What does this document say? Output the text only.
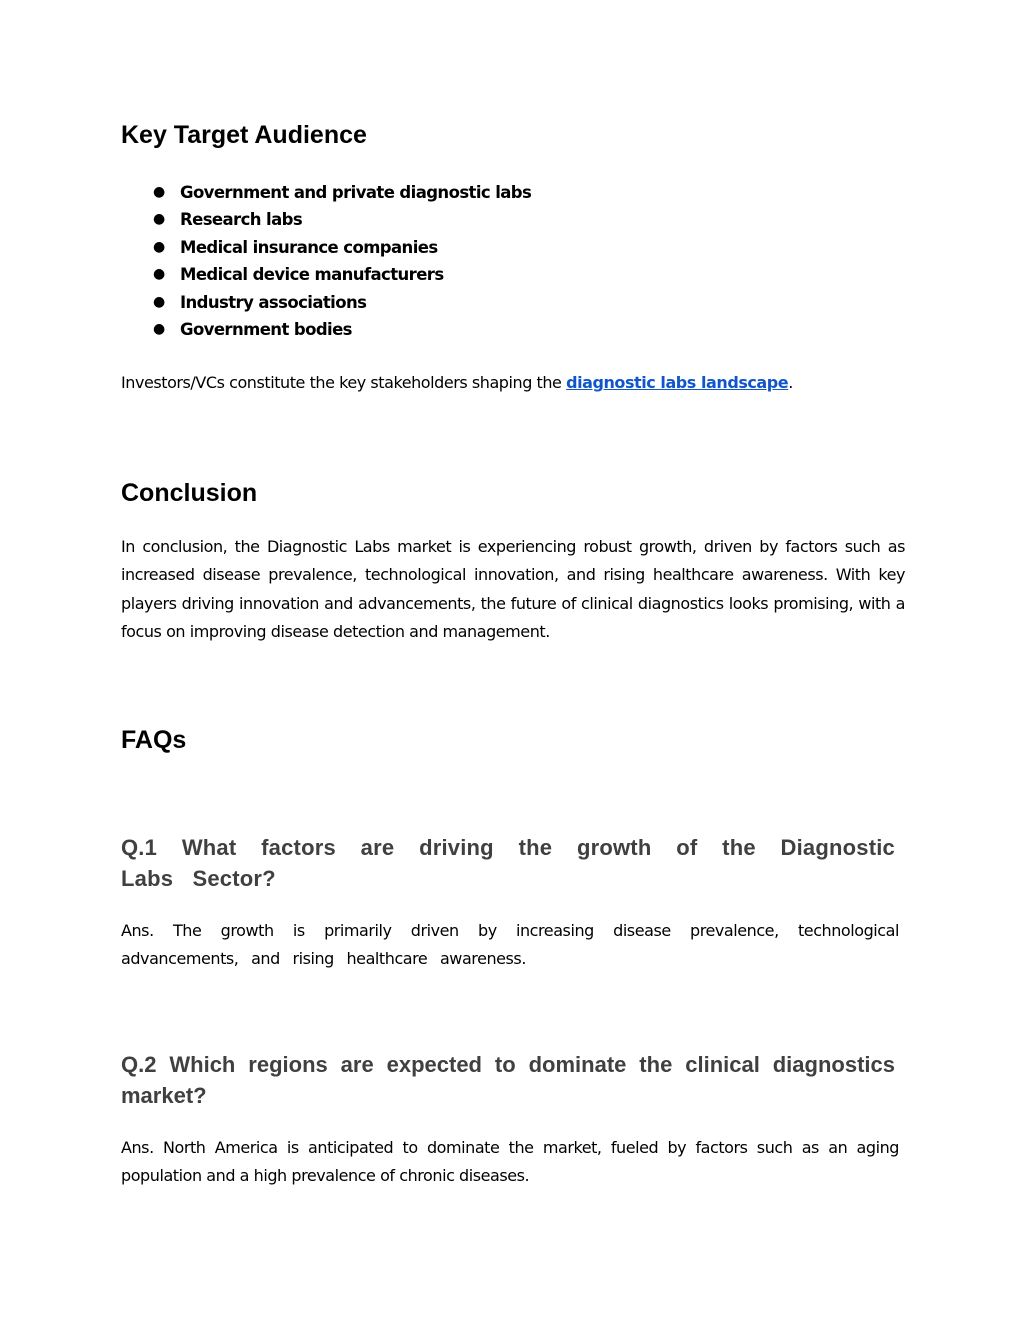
Key Target Audience
● Government and private diagnostic labs
● Research labs
● Medical insurance companies
● Medical device manufacturers
● Industry associations
● Government bodies

Investors/VCs constitute the key stakeholders shaping the diagnostic labs landscape.

Conclusion

In conclusion, the Diagnostic Labs market is experiencing robust growth, driven by factors such as increased disease prevalence, technological innovation, and rising healthcare awareness. With key players driving innovation and advancements, the future of clinical diagnostics looks promising, with a focus on improving disease detection and management.

FAQs
Q.1 What factors are driving the growth of the Diagnostic Labs Sector?

Ans. The growth is primarily driven by increasing disease prevalence, technological advancements, and rising healthcare awareness.

Q.2 Which regions are expected to dominate the clinical diagnostics market?

Ans. North America is anticipated to dominate the market, fueled by factors such as an aging population and a high prevalence of chronic diseases.
